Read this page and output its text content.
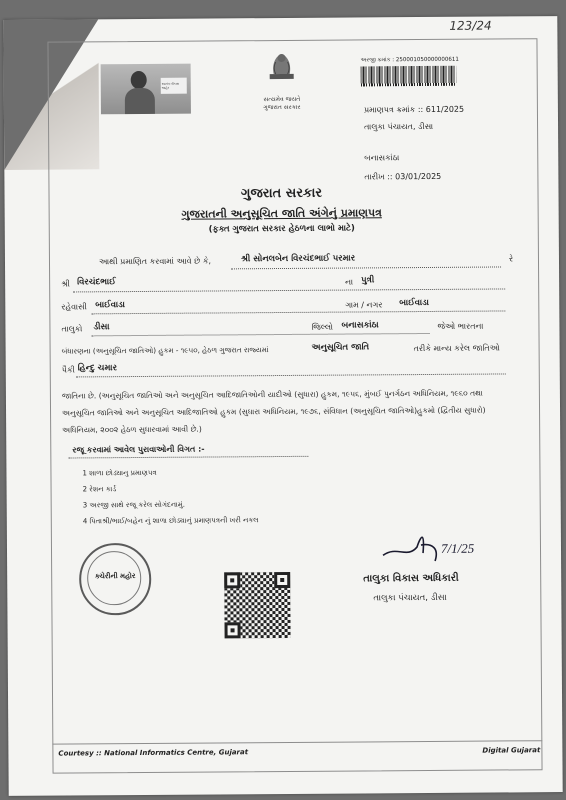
123/24
સ્વાતંત્ર નીકાસ જાહેર
સત્યમેવ જયતે
ગુજરાત સરકાર
અરજી ક્રમાંક : 250001050000000611
પ્રમાણપત્ર ક્રમાંક :: 611/2025
તાલુકા પંચાયત, ડીસા
બનાસકાંઠા
તારીખ :: 03/01/2025
ગુજરાત સરકાર
ગુજરાતની અનુસૂચિત જાતિ અંગેનું પ્રમાણપત્ર
(ફક્ત ગુજરાત સરકાર હેઠળના લાભો માટે)
આથી પ્રમાણિત કરવામાં આવે છે કે,	શ્રી સોનલબેન વિરચંદભાઈ પરમાર	રે
શ્રી વિરચંદભાઈ	ના પુત્રી
રહેવાસી બાઈવાડા	ગામ / નગર બાઈવાડા
તાલુકો ડીસા	જિલ્લો બનાસકાંઠા	જેઓ ભારતના
બંધારણના (અનુસૂચિત જાતિઓ) હુકમ - ૧૯૫૦, હેઠળ ગુજરાત રાજ્યમાં	અનુસૂચિત જાતિ	તરીકે માન્ય કરેલ જાતિઓ
પૈકી હિન્દુ ચમાર
જાતિના છે. (અનુસૂચિત જાતિઓ અને અનુસૂચિત આદિજાતિઓની યાદીઓ (સુધારા) હુકમ, ૧૯૫૬, મુંબઈ પુનર્ગઠન અધિનિયમ, ૧૯૬૦ તથા અનુસૂચિત જાતિઓ અને અનુસૂચિત આદિજાતિઓ હુકમ (સુધારા અધિનિયમ, ૧૯૭૬, સંવિધાન (અનુસૂચિત જાતિઓ)હુકમો (દ્વિતીય સુધારો) અધિનિયમ, ૨૦૦૨ હેઠળ સુધારવામાં આવી છે.)
રજૂ કરવામાં આવેલ પુરાવાઓની વિગત :-
1 શાળા છોડ્યાનુ પ્રમાણપત્ર
2 રેશન કાર્ડ
3 અરજી સાથે રજૂ કરેલ સોગંદનામું.
4 પિતાશ્રી/ભાઈ/બહેન નું શાળા છોડ્યાનું પ્રમાણપત્રની ખરી નકલ
ક્ચેરીની મહોર
7/1/25
તાલુકા વિકાસ અધિકારી
તાલુકા પંચાયત, ડીસા
Courtesy :: National Informatics Centre, Gujarat	Digital Gujarat
